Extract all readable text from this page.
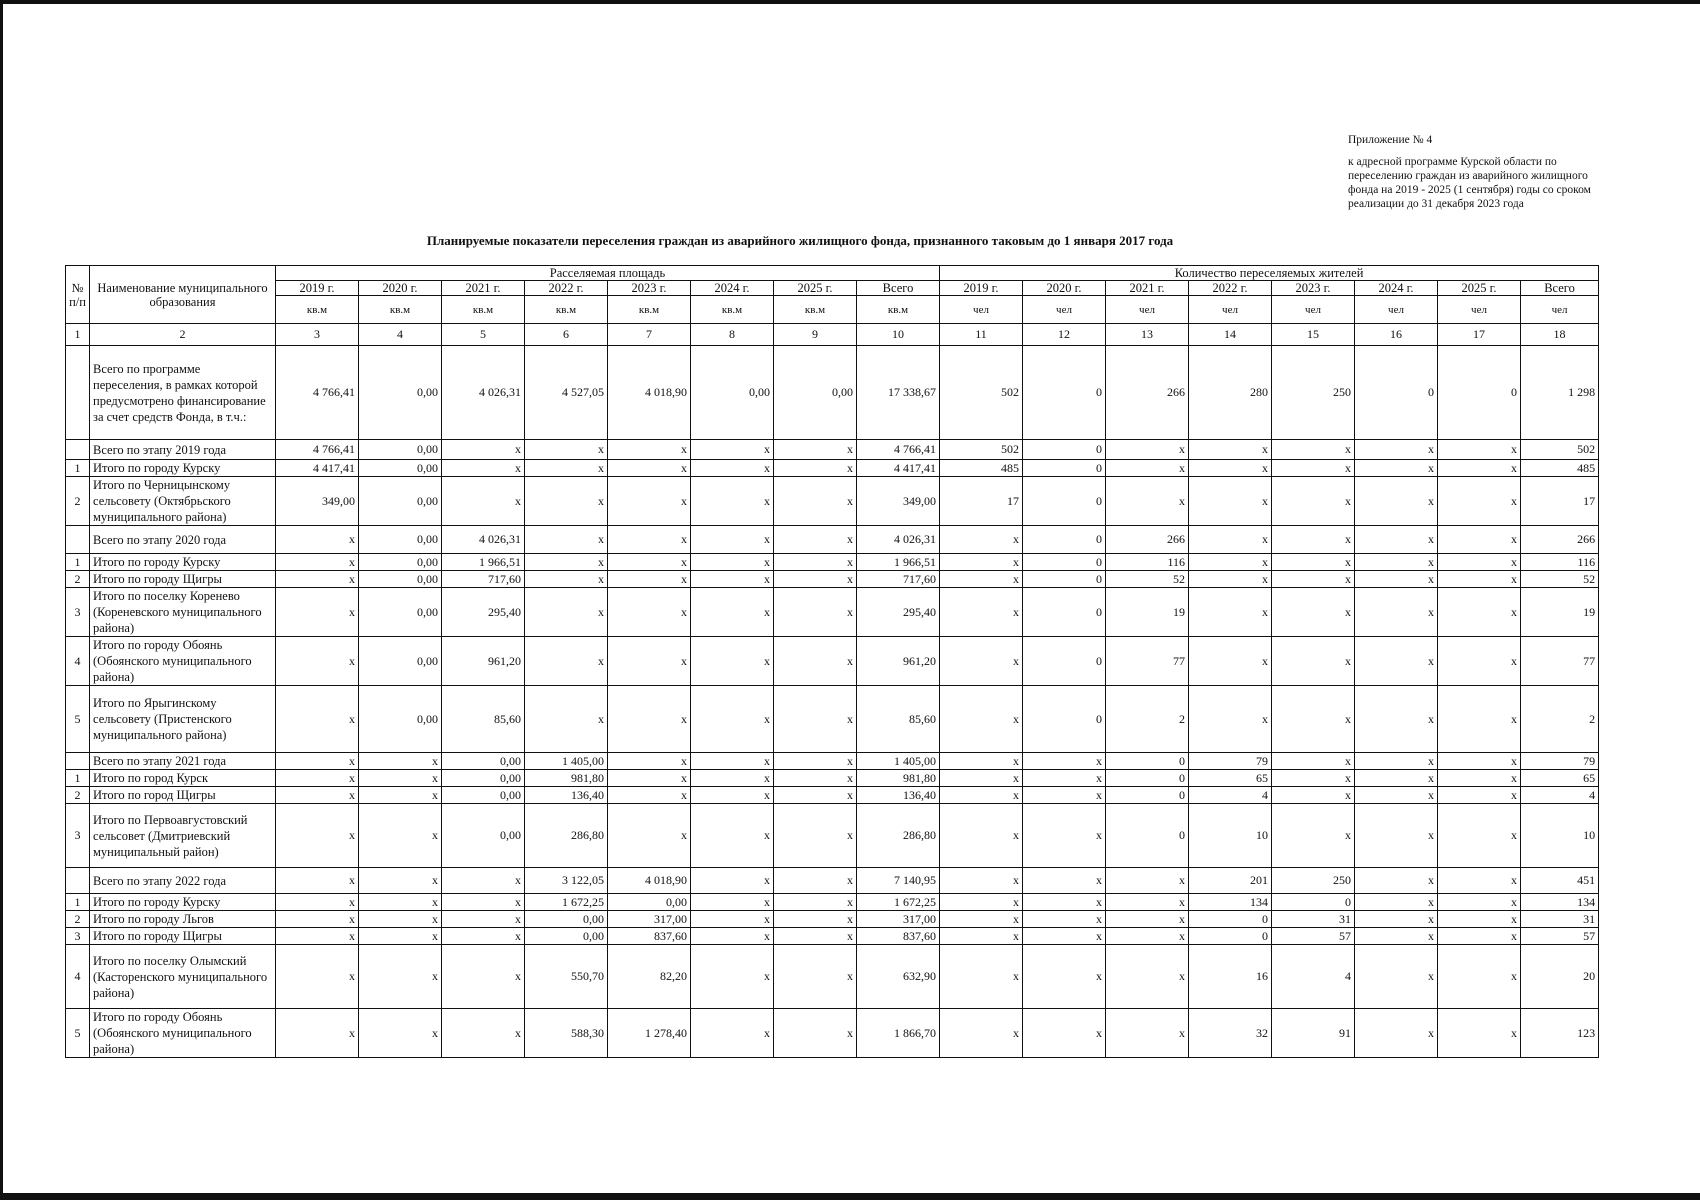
Приложение № 4
к адресной программе Курской области по переселению граждан из аварийного жилищного фонда на 2019 - 2025 (1 сентября) годы со сроком реализации до 31 декабря 2023 года
Планируемые показатели переселения граждан из аварийного жилищного фонда, признанного таковым до 1 января 2017 года
№ п/п	Наименование муниципального образования	Расселяемая площадь								Количество переселяемых жителей							
		2019 г.	2020 г.	2021 г.	2022 г.	2023 г.	2024 г.	2025 г.	Всего	2019 г.	2020 г.	2021 г.	2022 г.	2023 г.	2024 г.	2025 г.	Всего
		кв.м	кв.м	кв.м	кв.м	кв.м	кв.м	кв.м	кв.м	чел	чел	чел	чел	чел	чел	чел	чел
1	2	3	4	5	6	7	8	9	10	11	12	13	14	15	16	17	18
	Всего по программе переселения, в рамках которой предусмотрено финансирование за счет средств Фонда, в т.ч.:	4 766,41	0,00	4 026,31	4 527,05	4 018,90	0,00	0,00	17 338,67	502	0	266	280	250	0	0	1 298
	Всего по этапу 2019 года	4 766,41	0,00	x	x	x	x	x	4 766,41	502	0	x	x	x	x	x	502
1	Итого по городу Курску	4 417,41	0,00	x	x	x	x	x	4 417,41	485	0	x	x	x	x	x	485
2	Итого по Черницынскому сельсовету (Октябрьского муниципального района)	349,00	0,00	x	x	x	x	x	349,00	17	0	x	x	x	x	x	17
	Всего по этапу 2020 года	x	0,00	4 026,31	x	x	x	x	4 026,31	x	0	266	x	x	x	x	266
1	Итого по городу Курску	x	0,00	1 966,51	x	x	x	x	1 966,51	x	0	116	x	x	x	x	116
2	Итого по городу Щигры	x	0,00	717,60	x	x	x	x	717,60	x	0	52	x	x	x	x	52
3	Итого по поселку Коренево (Кореневского муниципального района)	x	0,00	295,40	x	x	x	x	295,40	x	0	19	x	x	x	x	19
4	Итого по городу Обоянь (Обоянского муниципального района)	x	0,00	961,20	x	x	x	x	961,20	x	0	77	x	x	x	x	77
5	Итого по Ярыгинскому сельсовету (Пристенского муниципального района)	x	0,00	85,60	x	x	x	x	85,60	x	0	2	x	x	x	x	2
	Всего по этапу 2021 года	x	x	0,00	1 405,00	x	x	x	1 405,00	x	x	0	79	x	x	x	79
1	Итого по город Курск	x	x	0,00	981,80	x	x	x	981,80	x	x	0	65	x	x	x	65
2	Итого по город Щигры	x	x	0,00	136,40	x	x	x	136,40	x	x	0	4	x	x	x	4
3	Итого по Первоавгустовский сельсовет (Дмитриевский муниципальный район)	x	x	0,00	286,80	x	x	x	286,80	x	x	0	10	x	x	x	10
	Всего по этапу 2022 года	x	x	x	3 122,05	4 018,90	x	x	7 140,95	x	x	x	201	250	x	x	451
1	Итого по городу Курску	x	x	x	1 672,25	0,00	x	x	1 672,25	x	x	x	134	0	x	x	134
2	Итого по городу Льгов	x	x	x	0,00	317,00	x	x	317,00	x	x	x	0	31	x	x	31
3	Итого по городу Щигры	x	x	x	0,00	837,60	x	x	837,60	x	x	x	0	57	x	x	57
4	Итого по поселку Олымский (Касторенского муниципального района)	x	x	x	550,70	82,20	x	x	632,90	x	x	x	16	4	x	x	20
5	Итого по городу Обоянь (Обоянского муниципального района)	x	x	x	588,30	1 278,40	x	x	1 866,70	x	x	x	32	91	x	x	123
